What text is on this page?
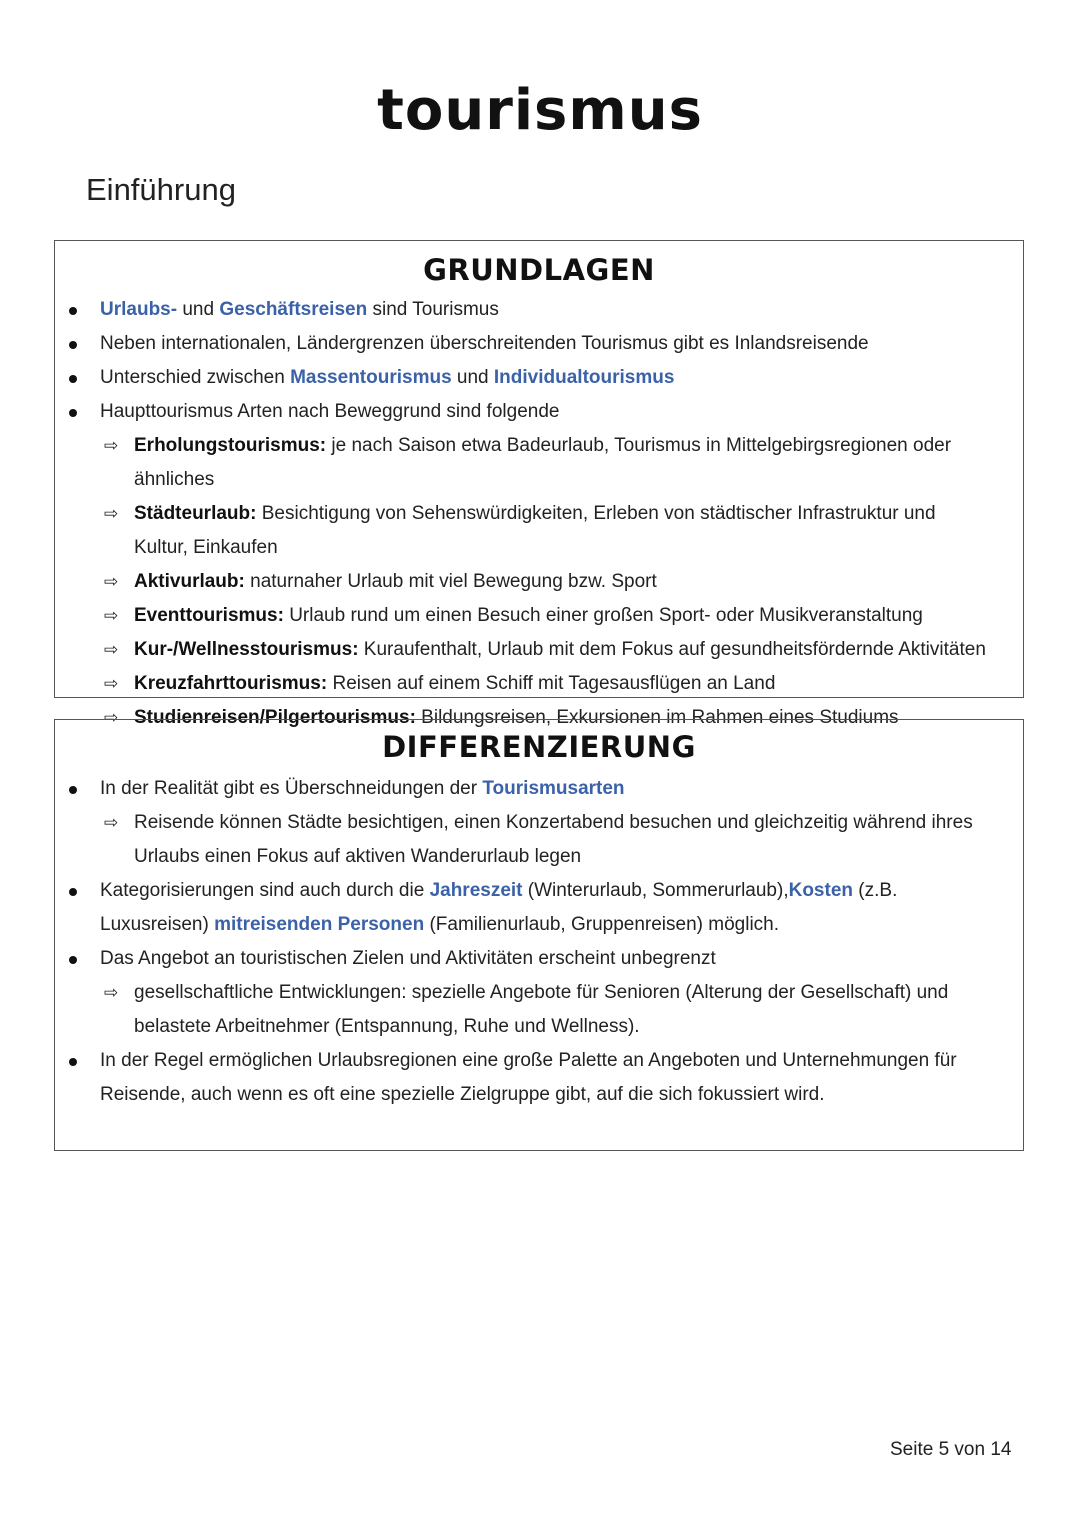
tourismus
Einführung
GRUNDLAGEN
Urlaubs- und Geschäftsreisen sind Tourismus
Neben internationalen, Ländergrenzen überschreitenden Tourismus gibt es Inlandsreisende
Unterschied zwischen Massentourismus und Individualtourismus
Haupttourismus Arten nach Beweggrund sind folgende
⇨ Erholungstourismus: je nach Saison etwa Badeurlaub, Tourismus in Mittelgebirgsregionen oder ähnliches
⇨ Städteurlaub: Besichtigung von Sehenswürdigkeiten, Erleben von städtischer Infrastruktur und Kultur, Einkaufen
⇨ Aktivurlaub: naturnaher Urlaub mit viel Bewegung bzw. Sport
⇨ Eventtourismus: Urlaub rund um einen Besuch einer großen Sport- oder Musikveranstaltung
⇨ Kur-/Wellnesstourismus: Kuraufenthalt, Urlaub mit dem Fokus auf gesundheitsfördernde Aktivitäten
⇨ Kreuzfahrttourismus: Reisen auf einem Schiff mit Tagesausflügen an Land
⇨ Studienreisen/Pilgertourismus: Bildungsreisen, Exkursionen im Rahmen eines Studiums
DIFFERENZIERUNG
In der Realität gibt es Überschneidungen der Tourismusarten
⇨ Reisende können Städte besichtigen, einen Konzertabend besuchen und gleichzeitig während ihres Urlaubs einen Fokus auf aktiven Wanderurlaub legen
Kategorisierungen sind auch durch die Jahreszeit (Winterurlaub, Sommerurlaub),Kosten (z.B. Luxusreisen) mitreisenden Personen (Familienurlaub, Gruppenreisen) möglich.
Das Angebot an touristischen Zielen und Aktivitäten erscheint unbegrenzt
⇨ gesellschaftliche Entwicklungen: spezielle Angebote für Senioren (Alterung der Gesellschaft) und belastete Arbeitnehmer (Entspannung, Ruhe und Wellness).
In der Regel ermöglichen Urlaubsregionen eine große Palette an Angeboten und Unternehmungen für Reisende, auch wenn es oft eine spezielle Zielgruppe gibt, auf die sich fokussiert wird.
Seite 5 von 14
